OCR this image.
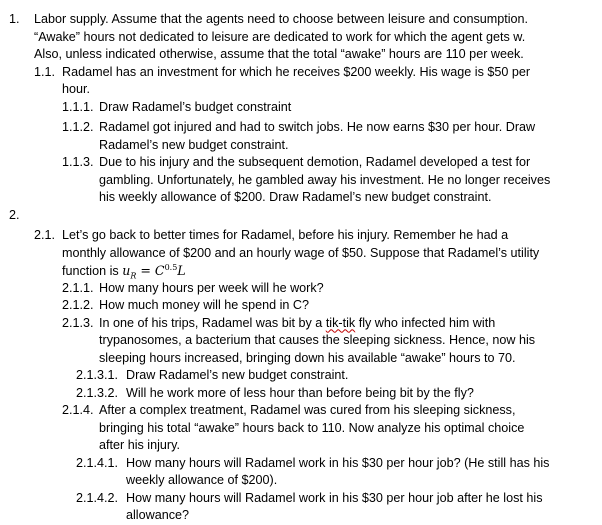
1. Labor supply. Assume that the agents need to choose between leisure and consumption.
“Awake” hours not dedicated to leisure are dedicated to work for which the agent gets w.
Also, unless indicated otherwise, assume that the total “awake” hours are 110 per week.
1.1. Radamel has an investment for which he receives $200 weekly. His wage is $50 per
hour.
1.1.1. Draw Radamel’s budget constraint
1.1.2. Radamel got injured and had to switch jobs. He now earns $30 per hour. Draw
Radamel’s new budget constraint.
1.1.3. Due to his injury and the subsequent demotion, Radamel developed a test for
gambling. Unfortunately, he gambled away his investment. He no longer receives
his weekly allowance of $200. Draw Radamel’s new budget constraint.
2.
2.1. Let’s go back to better times for Radamel, before his injury. Remember he had a
monthly allowance of $200 and an hourly wage of $50. Suppose that Radamel’s utility
function is $u_R = C^{0.5}L$
2.1.1. How many hours per week will he work?
2.1.2. How much money will he spend in C?
2.1.3. In one of his trips, Radamel was bit by a tik-tik fly who infected him with
trypanosomes, a bacterium that causes the sleeping sickness. Hence, now his
sleeping hours increased, bringing down his available “awake” hours to 70.
2.1.3.1. Draw Radamel’s new budget constraint.
2.1.3.2. Will he work more of less hour than before being bit by the fly?
2.1.4. After a complex treatment, Radamel was cured from his sleeping sickness,
bringing his total “awake” hours back to 110. Now analyze his optimal choice
after his injury.
2.1.4.1. How many hours will Radamel work in his $30 per hour job? (He still has his
weekly allowance of $200).
2.1.4.2. How many hours will Radamel work in his $30 per hour job after he lost his
allowance?
